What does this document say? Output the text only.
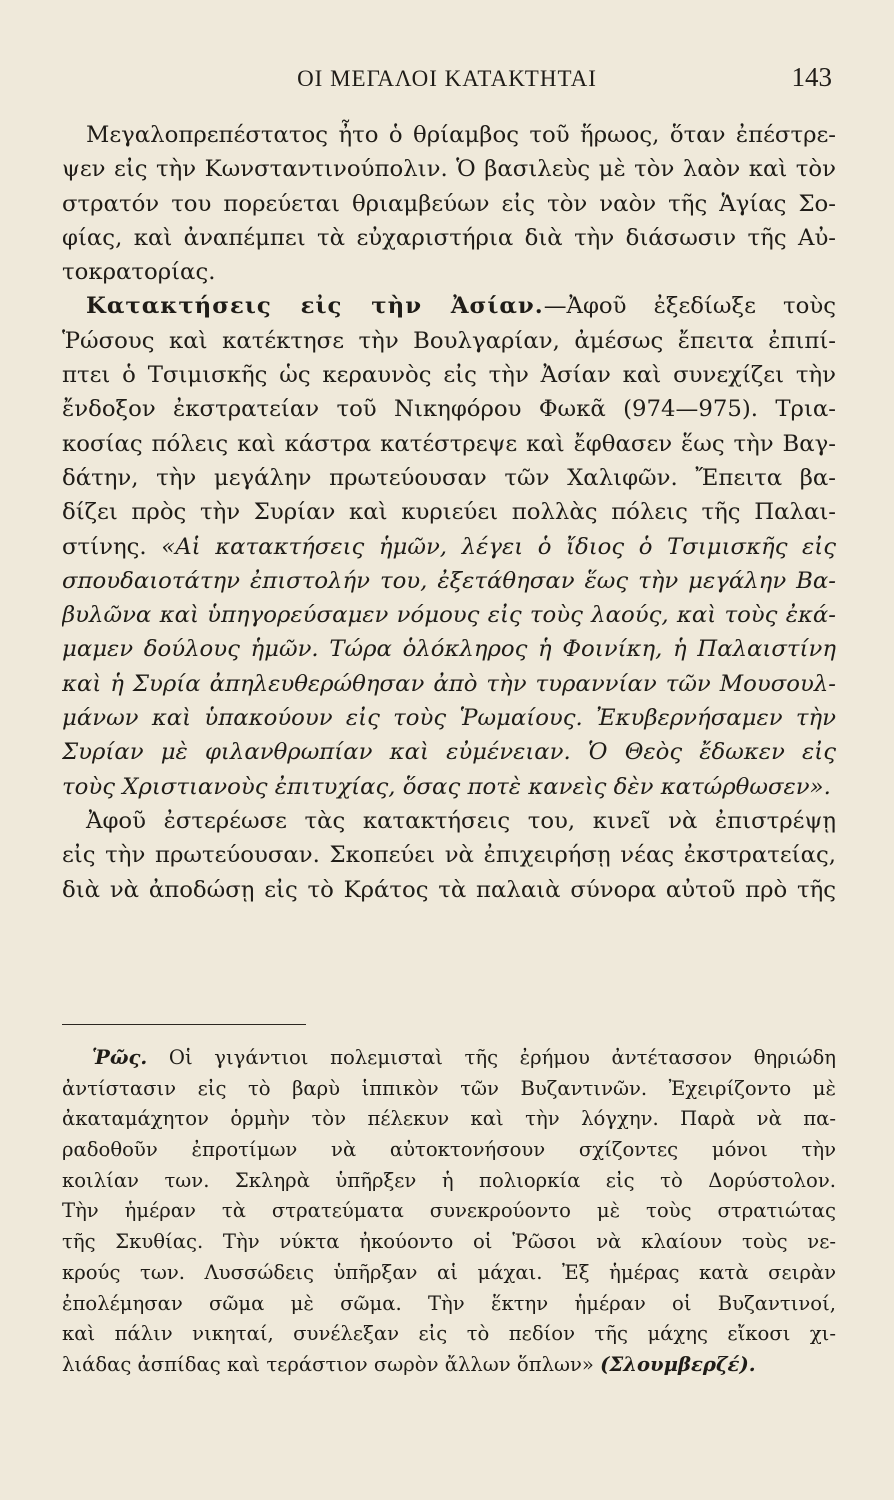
ΟΙ ΜΕΓΑΛΟΙ ΚΑΤΑΚΤΗΤΑΙ	143
Μεγαλοπρεπέστατος ἦτο ὁ θρίαμβος τοῦ ἥρωος, ὅταν ἐπέστρε-
ψεν εἰς τὴν Κωνσταντινούπολιν. Ὁ βασιλεὺς μὲ τὸν λαὸν καὶ τὸν
στρατόν του πορεύεται θριαμβεύων εἰς τὸν ναὸν τῆς Ἁγίας Σο-
φίας, καὶ ἀναπέμπει τὰ εὐχαριστήρια διὰ τὴν διάσωσιν τῆς Αὐ-
τοκρατορίας.
Κατακτήσεις εἰς τὴν Ἀσίαν.—Ἀφοῦ ἐξεδίωξε τοὺς
Ῥώσους καὶ κατέκτησε τὴν Βουλγαρίαν, ἀμέσως ἔπειτα ἐπιπί-
πτει ὁ Τσιμισκῆς ὡς κεραυνὸς εἰς τὴν Ἀσίαν καὶ συνεχίζει τὴν
ἔνδοξον ἐκστρατείαν τοῦ Νικηφόρου Φωκᾶ (974—975). Τρια-
κοσίας πόλεις καὶ κάστρα κατέστρεψε καὶ ἔφθασεν ἕως τὴν Βαγ-
δάτην, τὴν μεγάλην πρωτεύουσαν τῶν Χαλιφῶν. Ἔπειτα βα-
δίζει πρὸς τὴν Συρίαν καὶ κυριεύει πολλὰς πόλεις τῆς Παλαι-
στίνης. «Αἱ κατακτήσεις ἡμῶν, λέγει ὁ ἴδιος ὁ Τσιμισκῆς εἰς
σπουδαιοτάτην ἐπιστολήν του, ἐξετάθησαν ἕως τὴν μεγάλην Βα-
βυλῶνα καὶ ὑπηγορεύσαμεν νόμους εἰς τοὺς λαούς, καὶ τοὺς ἐκά-
μαμεν δούλους ἡμῶν. Τώρα ὁλόκληρος ἡ Φοινίκη, ἡ Παλαιστίνη
καὶ ἡ Συρία ἀπηλευθερώθησαν ἀπὸ τὴν τυραννίαν τῶν Μουσουλ-
μάνων καὶ ὑπακούουν εἰς τοὺς Ῥωμαίους. Ἐκυβερνήσαμεν τὴν
Συρίαν μὲ φιλανθρωπίαν καὶ εὐμένειαν. Ὁ Θεὸς ἔδωκεν εἰς
τοὺς Χριστιανοὺς ἐπιτυχίας, ὅσας ποτὲ κανεὶς δὲν κατώρθωσεν».
Ἀφοῦ ἐστερέωσε τὰς κατακτήσεις του, κινεῖ νὰ ἐπιστρέψῃ
εἰς τὴν πρωτεύουσαν. Σκοπεύει νὰ ἐπιχειρήσῃ νέας ἐκστρατείας,
διὰ νὰ ἀποδώσῃ εἰς τὸ Κράτος τὰ παλαιὰ σύνορα αὐτοῦ πρὸ τῆς
Ῥῶς. Οἱ γιγάντιοι πολεμισταὶ τῆς ἐρήμου ἀντέτασσον θηριώδη
ἀντίστασιν εἰς τὸ βαρὺ ἱππικὸν τῶν Βυζαντινῶν. Ἐχειρίζοντο μὲ
ἀκαταμάχητον ὁρμὴν τὸν πέλεκυν καὶ τὴν λόγχην. Παρὰ νὰ πα-
ραδοθοῦν ἐπροτίμων νὰ αὐτοκτονήσουν σχίζοντες μόνοι τὴν
κοιλίαν των. Σκληρὰ ὑπῆρξεν ἡ πολιορκία εἰς τὸ Δορύστολον.
Τὴν ἡμέραν τὰ στρατεύματα συνεκρούοντο μὲ τοὺς στρατιώτας
τῆς Σκυθίας. Τὴν νύκτα ἠκούοντο οἱ Ῥῶσοι νὰ κλαίουν τοὺς νε-
κρούς των. Λυσσώδεις ὑπῆρξαν αἱ μάχαι. Ἐξ ἡμέρας κατὰ σειρὰν
ἐπολέμησαν σῶμα μὲ σῶμα. Τὴν ἕκτην ἡμέραν οἱ Βυζαντινοί,
καὶ πάλιν νικηταί, συνέλεξαν εἰς τὸ πεδίον τῆς μάχης εἴκοσι χι-
λιάδας ἀσπίδας καὶ τεράστιον σωρὸν ἄλλων ὅπλων» (Σλουμβερζέ).
